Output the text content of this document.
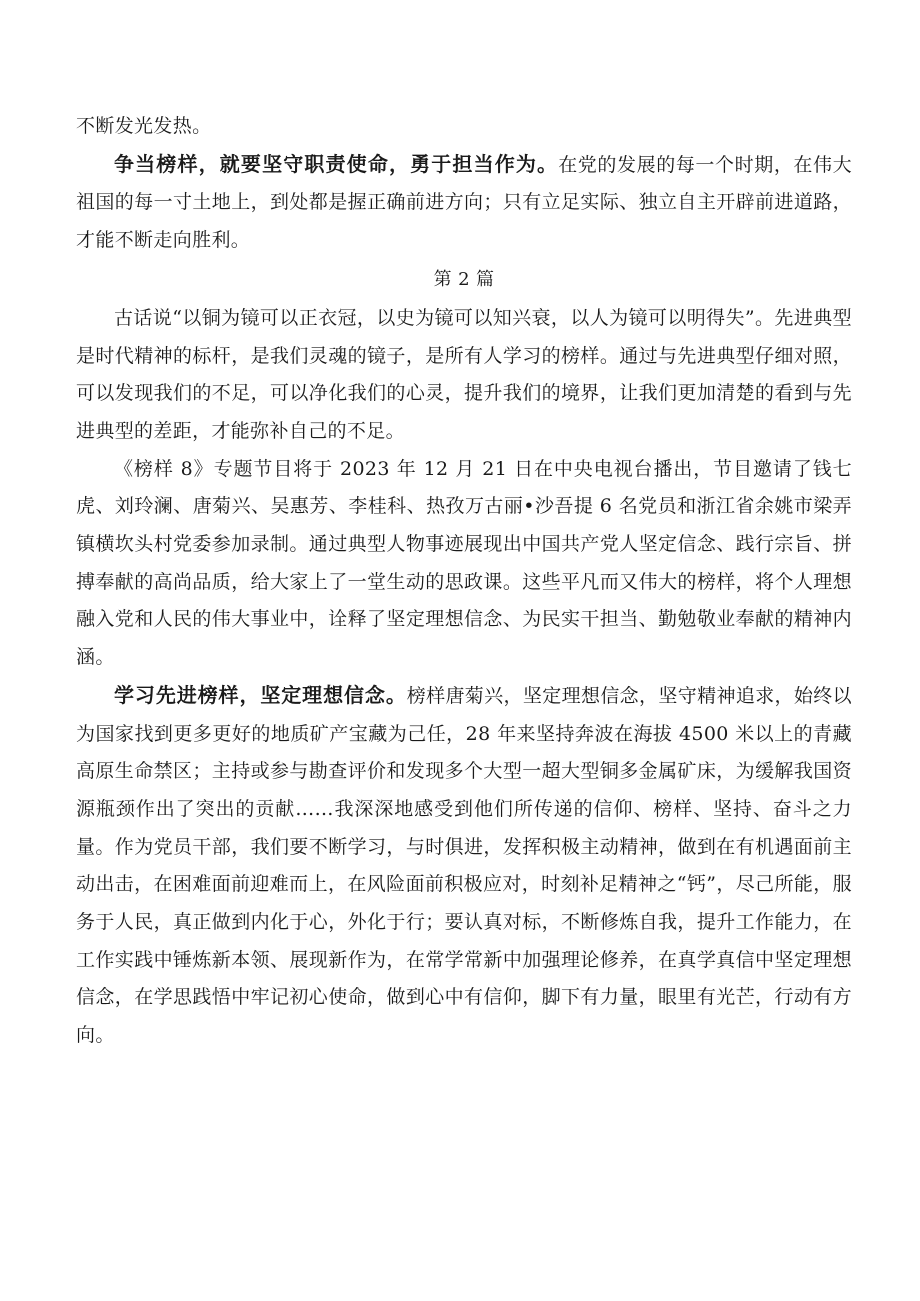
不断发光发热。

争当榜样，就要坚守职责使命，勇于担当作为。在党的发展的每一个时期，在伟大祖国的每一寸土地上，到处都是握正确前进方向；只有立足实际、独立自主开辟前进道路，才能不断走向胜利。

第 2 篇

古话说“以铜为镜可以正衣冠，以史为镜可以知兴衰，以人为镜可以明得失”。先进典型是时代精神的标杆，是我们灵魂的镜子，是所有人学习的榜样。通过与先进典型仔细对照，可以发现我们的不足，可以净化我们的心灵，提升我们的境界，让我们更加清楚的看到与先进典型的差距，才能弥补自己的不足。

《榜样 8》专题节目将于 2023 年 12 月 21 日在中央电视台播出，节目邀请了钱七虎、刘玲澜、唐菊兴、吴惠芳、李桂科、热孜万古丽•沙吾提 6 名党员和浙江省余姚市梁弄镇横坎头村党委参加录制。通过典型人物事迹展现出中国共产党人坚定信念、践行宗旨、拼搏奉献的高尚品质，给大家上了一堂生动的思政课。这些平凡而又伟大的榜样，将个人理想融入党和人民的伟大事业中，诠释了坚定理想信念、为民实干担当、勤勉敬业奉献的精神内涵。

学习先进榜样，坚定理想信念。榜样唐菊兴，坚定理想信念，坚守精神追求，始终以为国家找到更多更好的地质矿产宝藏为己任，28 年来坚持奔波在海拔 4500 米以上的青藏高原生命禁区；主持或参与勘查评价和发现多个大型一超大型铜多金属矿床，为缓解我国资源瓶颈作出了突出的贡献……我深深地感受到他们所传递的信仰、榜样、坚持、奋斗之力量。作为党员干部，我们要不断学习，与时俱进，发挥积极主动精神，做到在有机遇面前主动出击，在困难面前迎难而上，在风险面前积极应对，时刻补足精神之“钙”，尽己所能，服务于人民，真正做到内化于心，外化于行；要认真对标，不断修炼自我，提升工作能力，在工作实践中锤炼新本领、展现新作为，在常学常新中加强理论修养，在真学真信中坚定理想信念，在学思践悟中牢记初心使命，做到心中有信仰，脚下有力量，眼里有光芒，行动有方向。
